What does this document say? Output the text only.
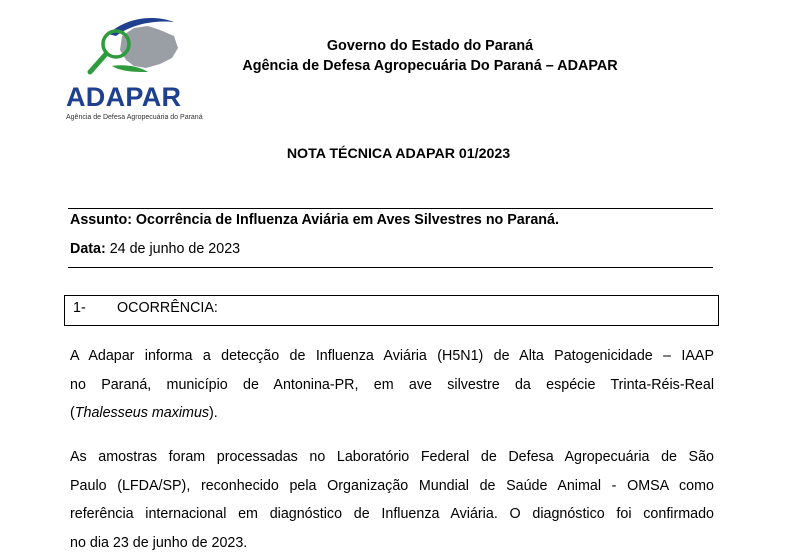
ADAPAR
Agência de Defesa Agropecuária do Paraná
Governo do Estado do Paraná
Agência de Defesa Agropecuária Do Paraná – ADAPAR
NOTA TÉCNICA ADAPAR 01/2023
Assunto: Ocorrência de Influenza Aviária em Aves Silvestres no Paraná.
Data: 24 de junho de 2023
1- OCORRÊNCIA:
A Adapar informa a detecção de Influenza Aviária (H5N1) de Alta Patogenicidade – IAAP
no Paraná, município de Antonina-PR, em ave silvestre da espécie Trinta-Réis-Real
(Thalesseus maximus).
As amostras foram processadas no Laboratório Federal de Defesa Agropecuária de São
Paulo (LFDA/SP), reconhecido pela Organização Mundial de Saúde Animal - OMSA como
referência internacional em diagnóstico de Influenza Aviária. O diagnóstico foi confirmado
no dia 23 de junho de 2023.
